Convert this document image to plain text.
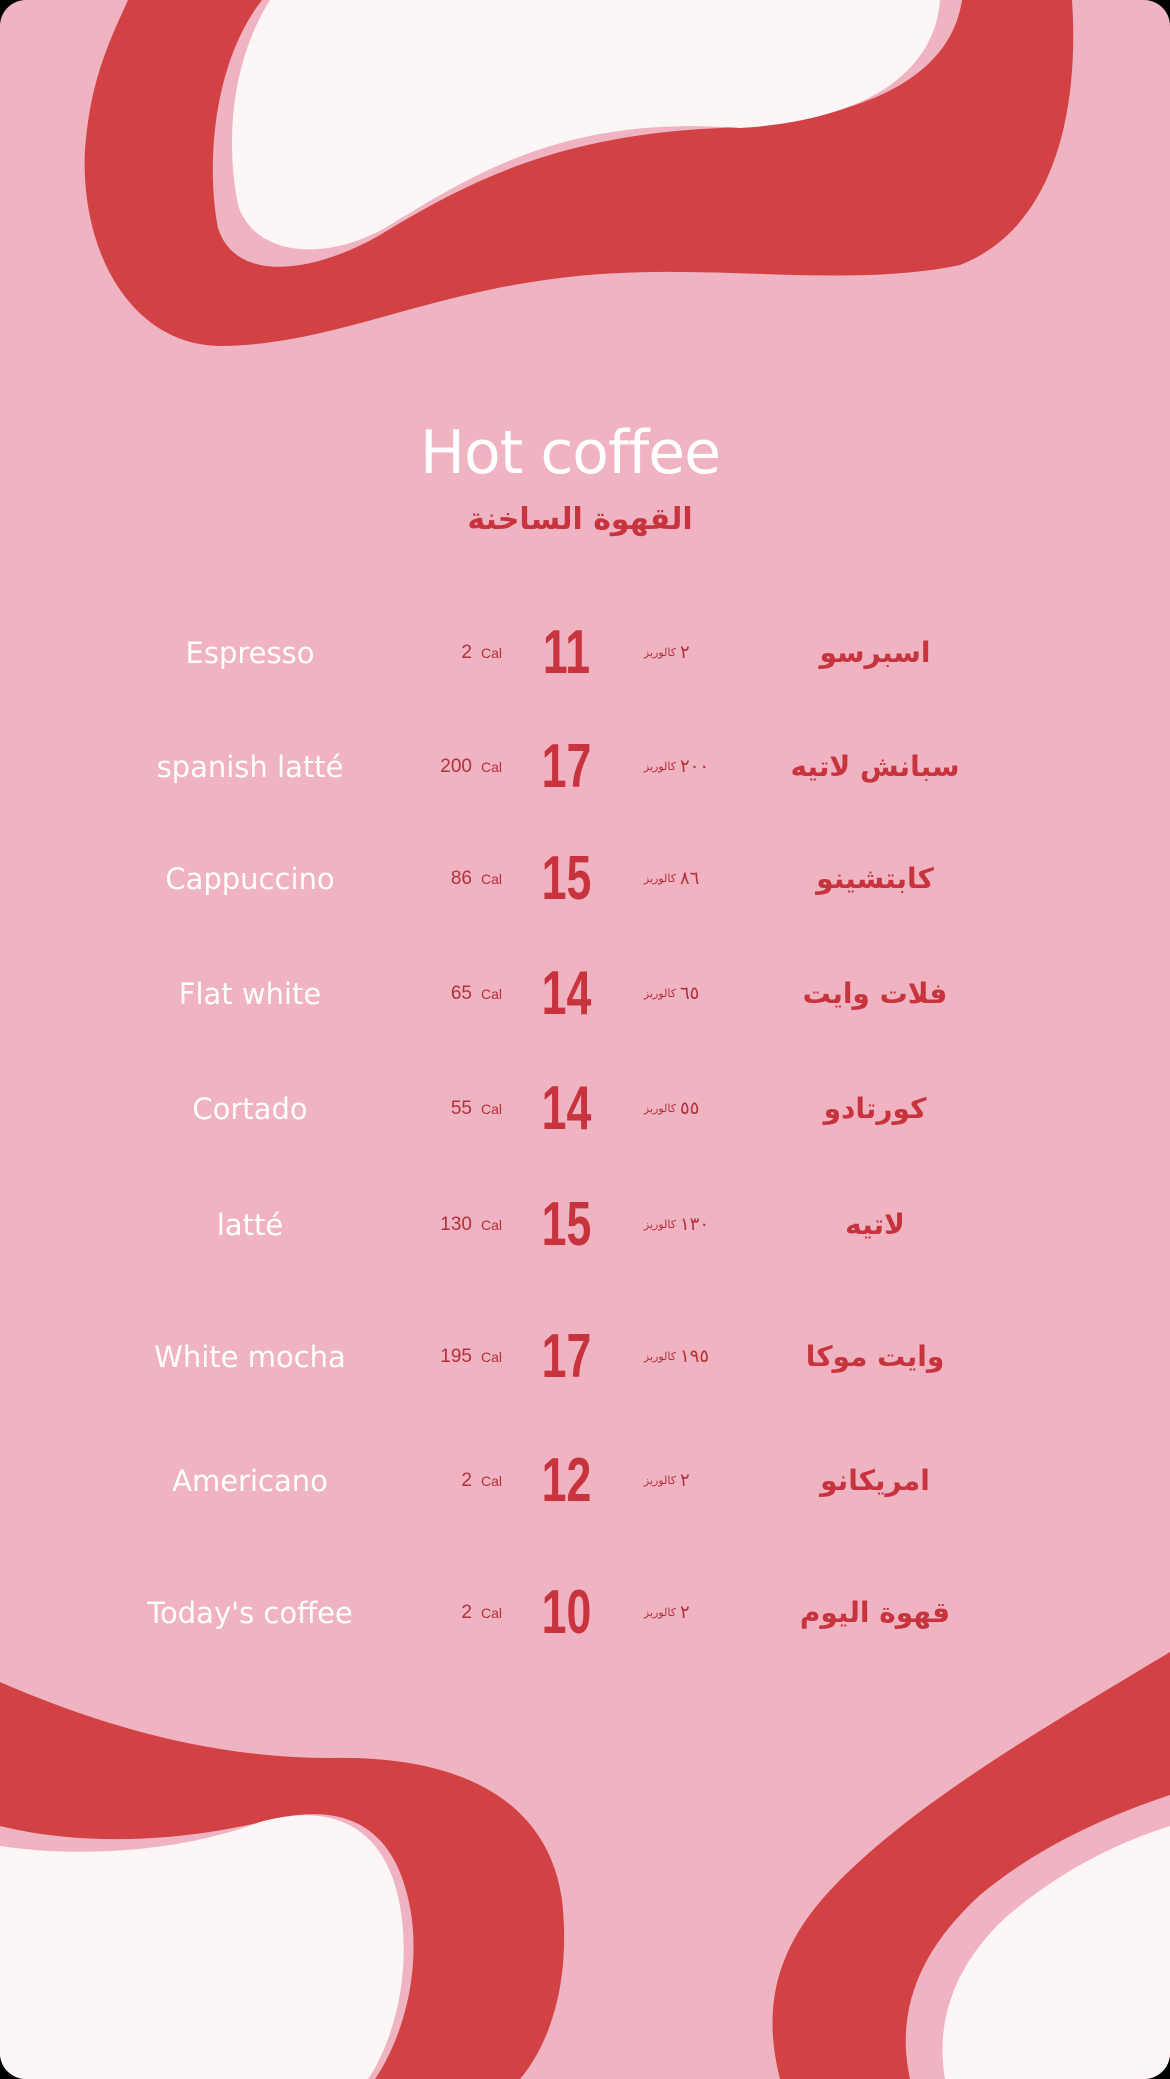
Hot coffee
القهوة الساخنة
Espresso	2 Cal 11	كالوريز ٢	اسبرسو
spanish latté	200 Cal 17	كالوريز ٢٠٠	سبانش لاتيه
Cappuccino	86 Cal 15	كالوريز ٨٦	كابتشينو
Flat white	65 Cal 14	كالوريز ٦٥	فلات وايت
Cortado	55 Cal 14	كالوريز ٥٥	كورتادو
latté	130 Cal 15	كالوريز ١٣٠	لاتيه
White mocha	195 Cal 17	كالوريز ١٩٥	وايت موكا
Americano	2 Cal 12	كالوريز ٢	امريكانو
Today's coffee	2 Cal 10	كالوريز ٢	قهوة اليوم
